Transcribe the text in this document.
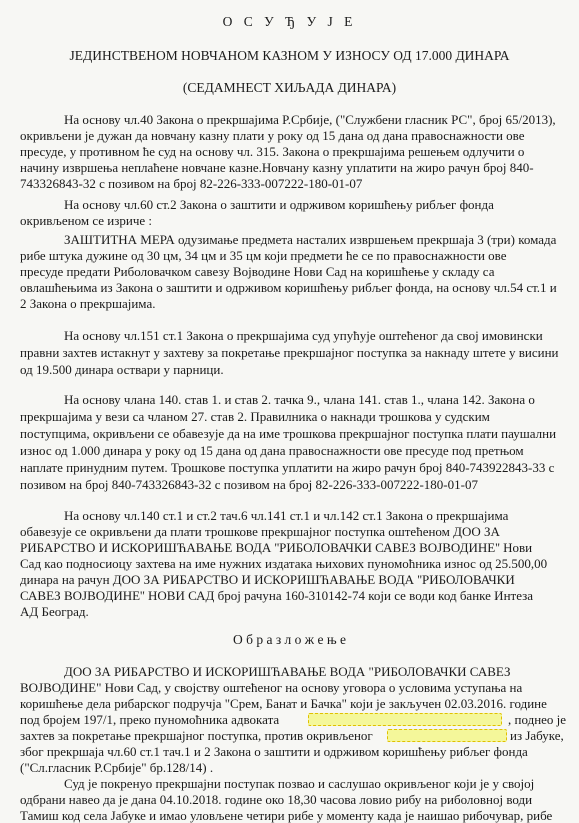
О С У Ђ У Ј Е
ЈЕДИНСТВЕНОМ НОВЧАНОМ КАЗНОМ У ИЗНОСУ ОД 17.000 ДИНАРА
(СЕДАМНЕСТ ХИЉАДА ДИНАРА)
На основу чл.40 Закона о прекршајима Р.Србије, ("Службени гласник РС", број 65/2013),
окривљени је дужан да новчану казну плати у року од 15 дана од дана правоснажности ове
пресуде, у противном ће суд на основу чл. 315. Закона о прекршајима решењем одлучити о
начину извршења неплаћене новчане казне.Новчану казну уплатити на жиро рачун број 840-
743326843-32 с позивом на број 82-226-333-007222-180-01-07
На основу чл.60 ст.2 Закона о заштити и одрживом коришћењу рибљег фонда
окривљеном се изриче :
ЗАШТИТНА МЕРА одузимање предмета насталих извршењем прекршаја 3 (три) комада
рибе штука дужине од 30 цм, 34 цм и 35 цм који предмети ће се по правоснажности ове
пресуде предати Риболовачком савезу Војводине Нови Сад на коришћење у складу са
овлашћењима из Закона о заштити и одрживом коришћењу рибљег фонда, на основу чл.54 ст.1 и
2 Закона о прекршајима.
На основу чл.151 ст.1 Закона о прекршајима суд упућује оштећеног да свој имовински
правни захтев истакнут у захтеву за покретање прекршајног поступка за накнаду штете у висини
од 19.500 динара оствари у парници.
На основу члана 140. став 1. и став 2. тачка 9., члана 141. став 1., члана 142. Закона о
прекршајима у вези са чланом 27. став 2. Правилника о накнади трошкова у судским
поступцима, окривљени се обавезује да на име трошкова прекршајног поступка плати паушални
износ од 1.000 динара у року од 15 дана од дана правоснажности ове пресуде под претњом
наплате принудним путем. Трошкове поступка уплатити на жиро рачун број 840-743922843-33 с
позивом на број 840-743326843-32 с позивом на број 82-226-333-007222-180-01-07
На основу чл.140 ст.1 и ст.2 тач.6 чл.141 ст.1 и чл.142 ст.1 Закона о прекршајима
обавезује се окривљени да плати трошкове прекршајног поступка оштећеном ДОО ЗА
РИБАРСТВО И ИСКОРИШЋАВАЊЕ ВОДА ''РИБОЛОВАЧКИ САВЕЗ ВОЈВОДИНЕ'' Нови
Сад као подносиоцу захтева на име нужних издатака њихових пуномоћника износ од 25.500,00
динара на рачун ДОО ЗА РИБАРСТВО И ИСКОРИШЋАВАЊЕ ВОДА ''РИБОЛОВАЧКИ
САВЕЗ ВОЈВОДИНЕ'' НОВИ САД број рачуна 160-310142-74 који се води код банке Интеза
АД Београд.
О б р а з л о ж е њ е
ДОО ЗА РИБАРСТВО И ИСКОРИШЋАВАЊЕ ВОДА "РИБОЛОВАЧКИ САВЕЗ
ВОЈВОДИНЕ" Нови Сад, у својству оштећеног на основу уговора о условима уступања на
коришћење дела рибарског подручја "Срем, Банат и Бачка" који је закључен 02.03.2016. године
под бројем 197/1, преко пуномоћника адвоката	, поднео је
захтев за покретање прекршајног поступка, против окривљеног	из Јабуке,
због прекршаја чл.60 ст.1 тач.1 и 2 Закона о заштити и одрживом коришћењу рибљег фонда
("Сл.гласник Р.Србије" бр.128/14) .
Суд је покренуо прекршајни поступак позвао и саслушао окривљеног који је у својој
одбрани навео да је дана 04.10.2018. године око 18,30 часова ловио рибу на риболовној води
Тамиш код села Јабуке и имао уловљене четири рибе у моменту када је наишао рибочувар, рибе
